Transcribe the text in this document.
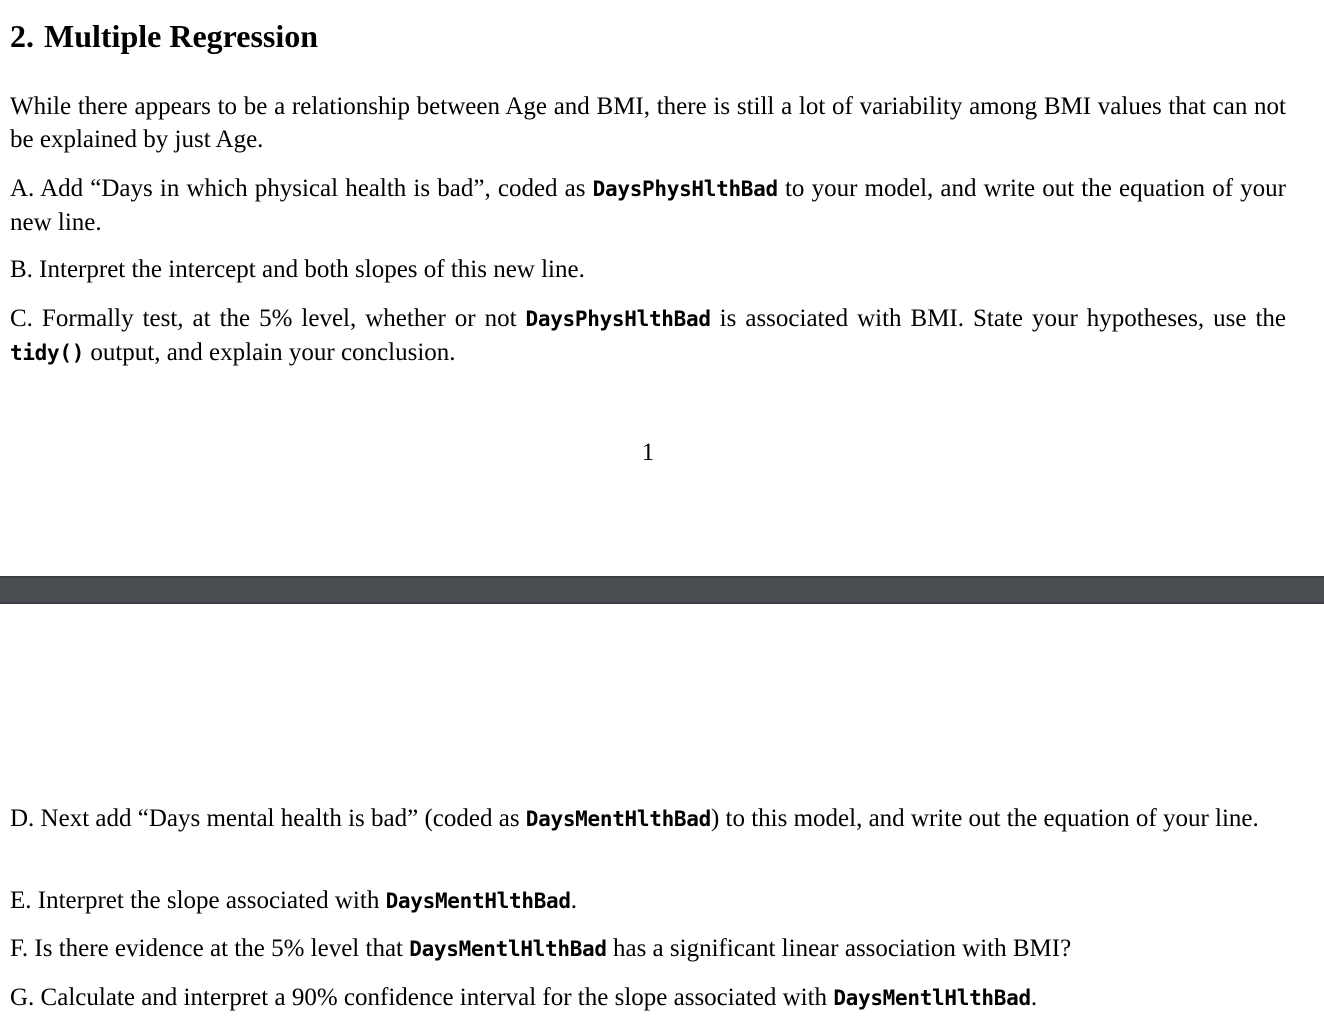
2. Multiple Regression

While there appears to be a relationship between Age and BMI, there is still a lot of variability among BMI values that can not be explained by just Age.

A. Add “Days in which physical health is bad”, coded as DaysPhysHlthBad to your model, and write out the equation of your new line.

B. Interpret the intercept and both slopes of this new line.

C. Formally test, at the 5% level, whether or not DaysPhysHlthBad is associated with BMI. State your hypotheses, use the tidy() output, and explain your conclusion.

1

D. Next add “Days mental health is bad” (coded as DaysMentHlthBad) to this model, and write out the equation of your line.

E. Interpret the slope associated with DaysMentHlthBad.

F. Is there evidence at the 5% level that DaysMentlHlthBad has a significant linear association with BMI?

G. Calculate and interpret a 90% confidence interval for the slope associated with DaysMentlHlthBad.
